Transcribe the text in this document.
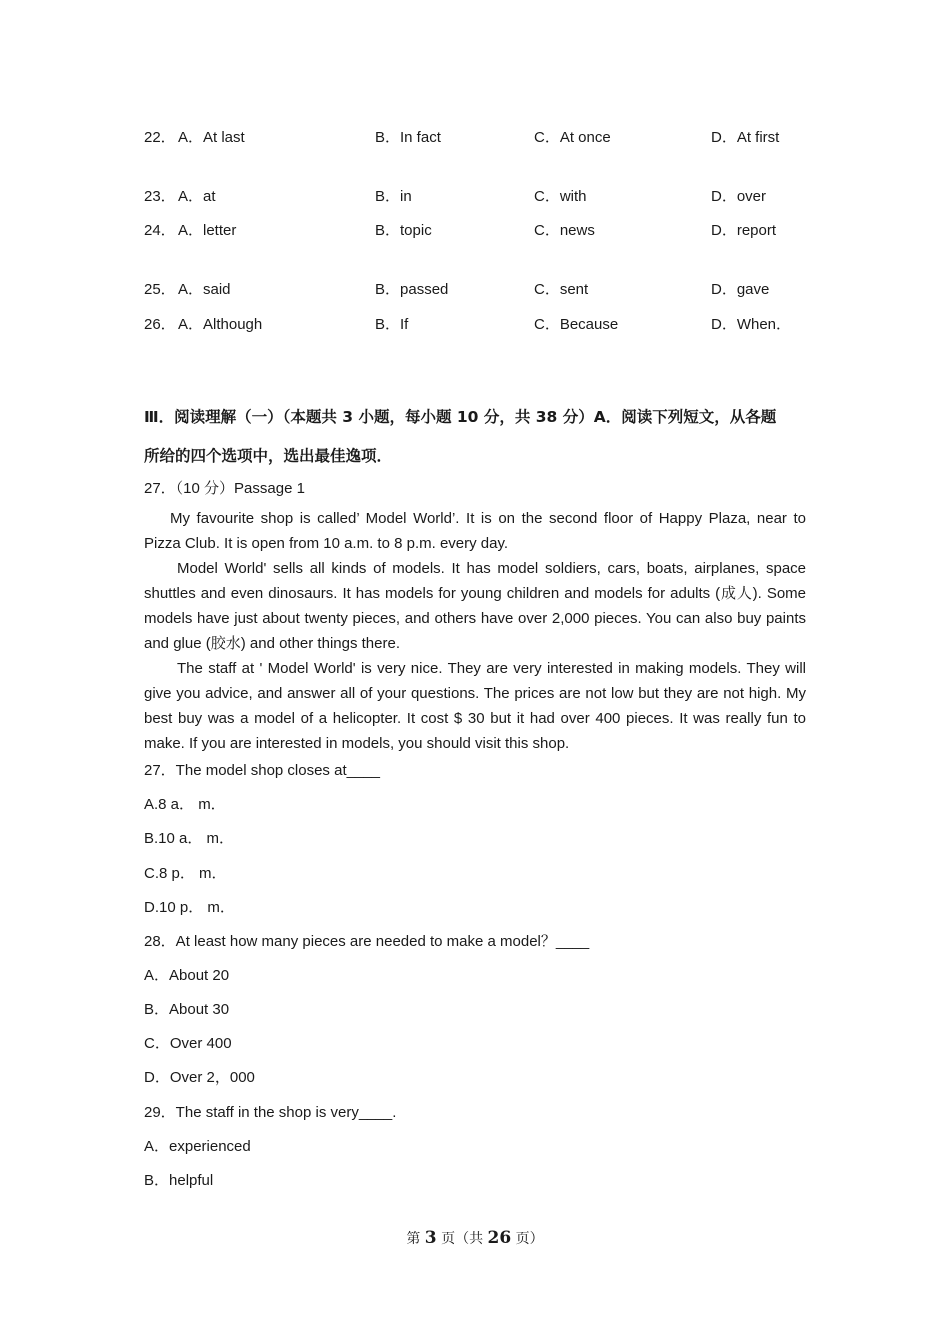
22． A．At last	B．In fact	C．At once	D．At first
23． A．at	B．in	C．with	D．over
24． A．letter	B．topic	C．news	D．report
25． A．said	B．passed	C．sent	D．gave
26． A．Although	B．If	C．Because	D．When．
Ⅲ．阅读理解（一）（本题共 3 小题，每小题 10 分，共 38 分）A．阅读下列短文，从各题
所给的四个选项中，选出最佳逸项．
27．（10 分）Passage 1
My favourite shop is called’ Model World’. It is on the second floor of Happy Plaza, near to Pizza Club. It is open from 10 a.m. to 8 p.m. every day.
Model World' sells all kinds of models. It has model soldiers, cars, boats, airplanes, space shuttles and even dinosaurs. It has models for young children and models for adults (成人). Some models have just about twenty pieces, and others have over 2,000 pieces. You can also buy paints and glue (胶水) and other things there.
The staff at ' Model World' is very nice. They are very interested in making models. They will give you advice, and answer all of your questions. The prices are not low but they are not high. My best buy was a model of a helicopter. It cost $ 30 but it had over 400 pieces. It was really fun to make. If you are interested in models, you should visit this shop.
27．The model shop closes at____
A.8 a． m．
B.10 a． m．
C.8 p． m．
D.10 p． m．
28．At least how many pieces are needed to make a model？____
A．About 20
B．About 30
C．Over 400
D．Over 2，000
29．The staff in the shop is very____.
A．experienced
B．helpful
第 3 页（共 26 页）
